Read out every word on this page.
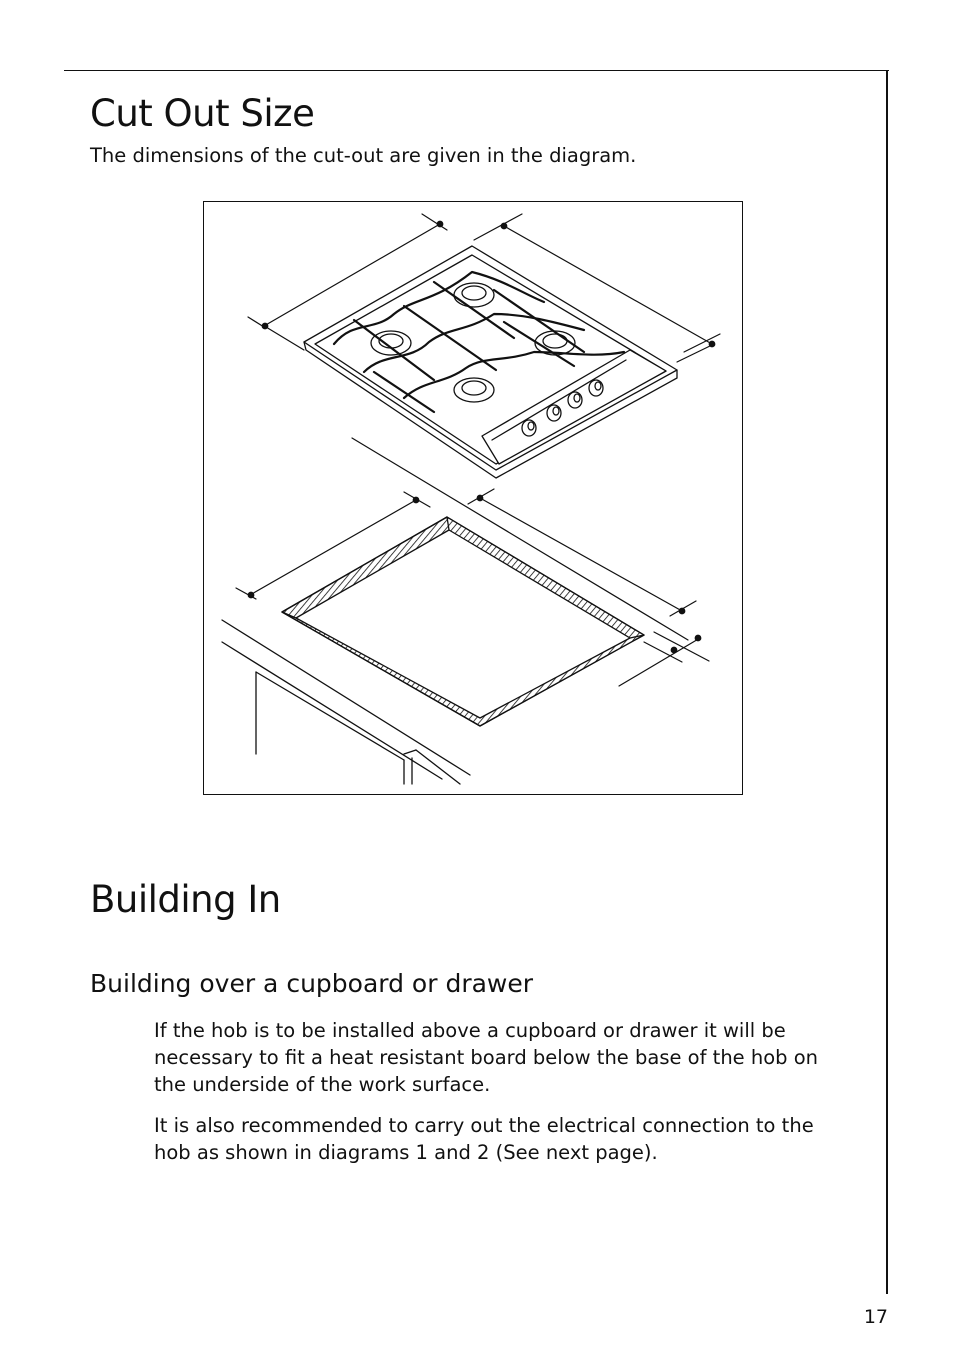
Cut Out Size

The dimensions of the cut-out are given in the diagram.

Building In
Building over a cupboard or drawer

If the hob is to be installed above a cupboard or drawer it will be necessary to fit a heat resistant board below the base of the hob on the underside of the work surface.

It is also recommended to carry out the electrical connection to the hob as shown in diagrams 1 and 2 (See next page).

17
